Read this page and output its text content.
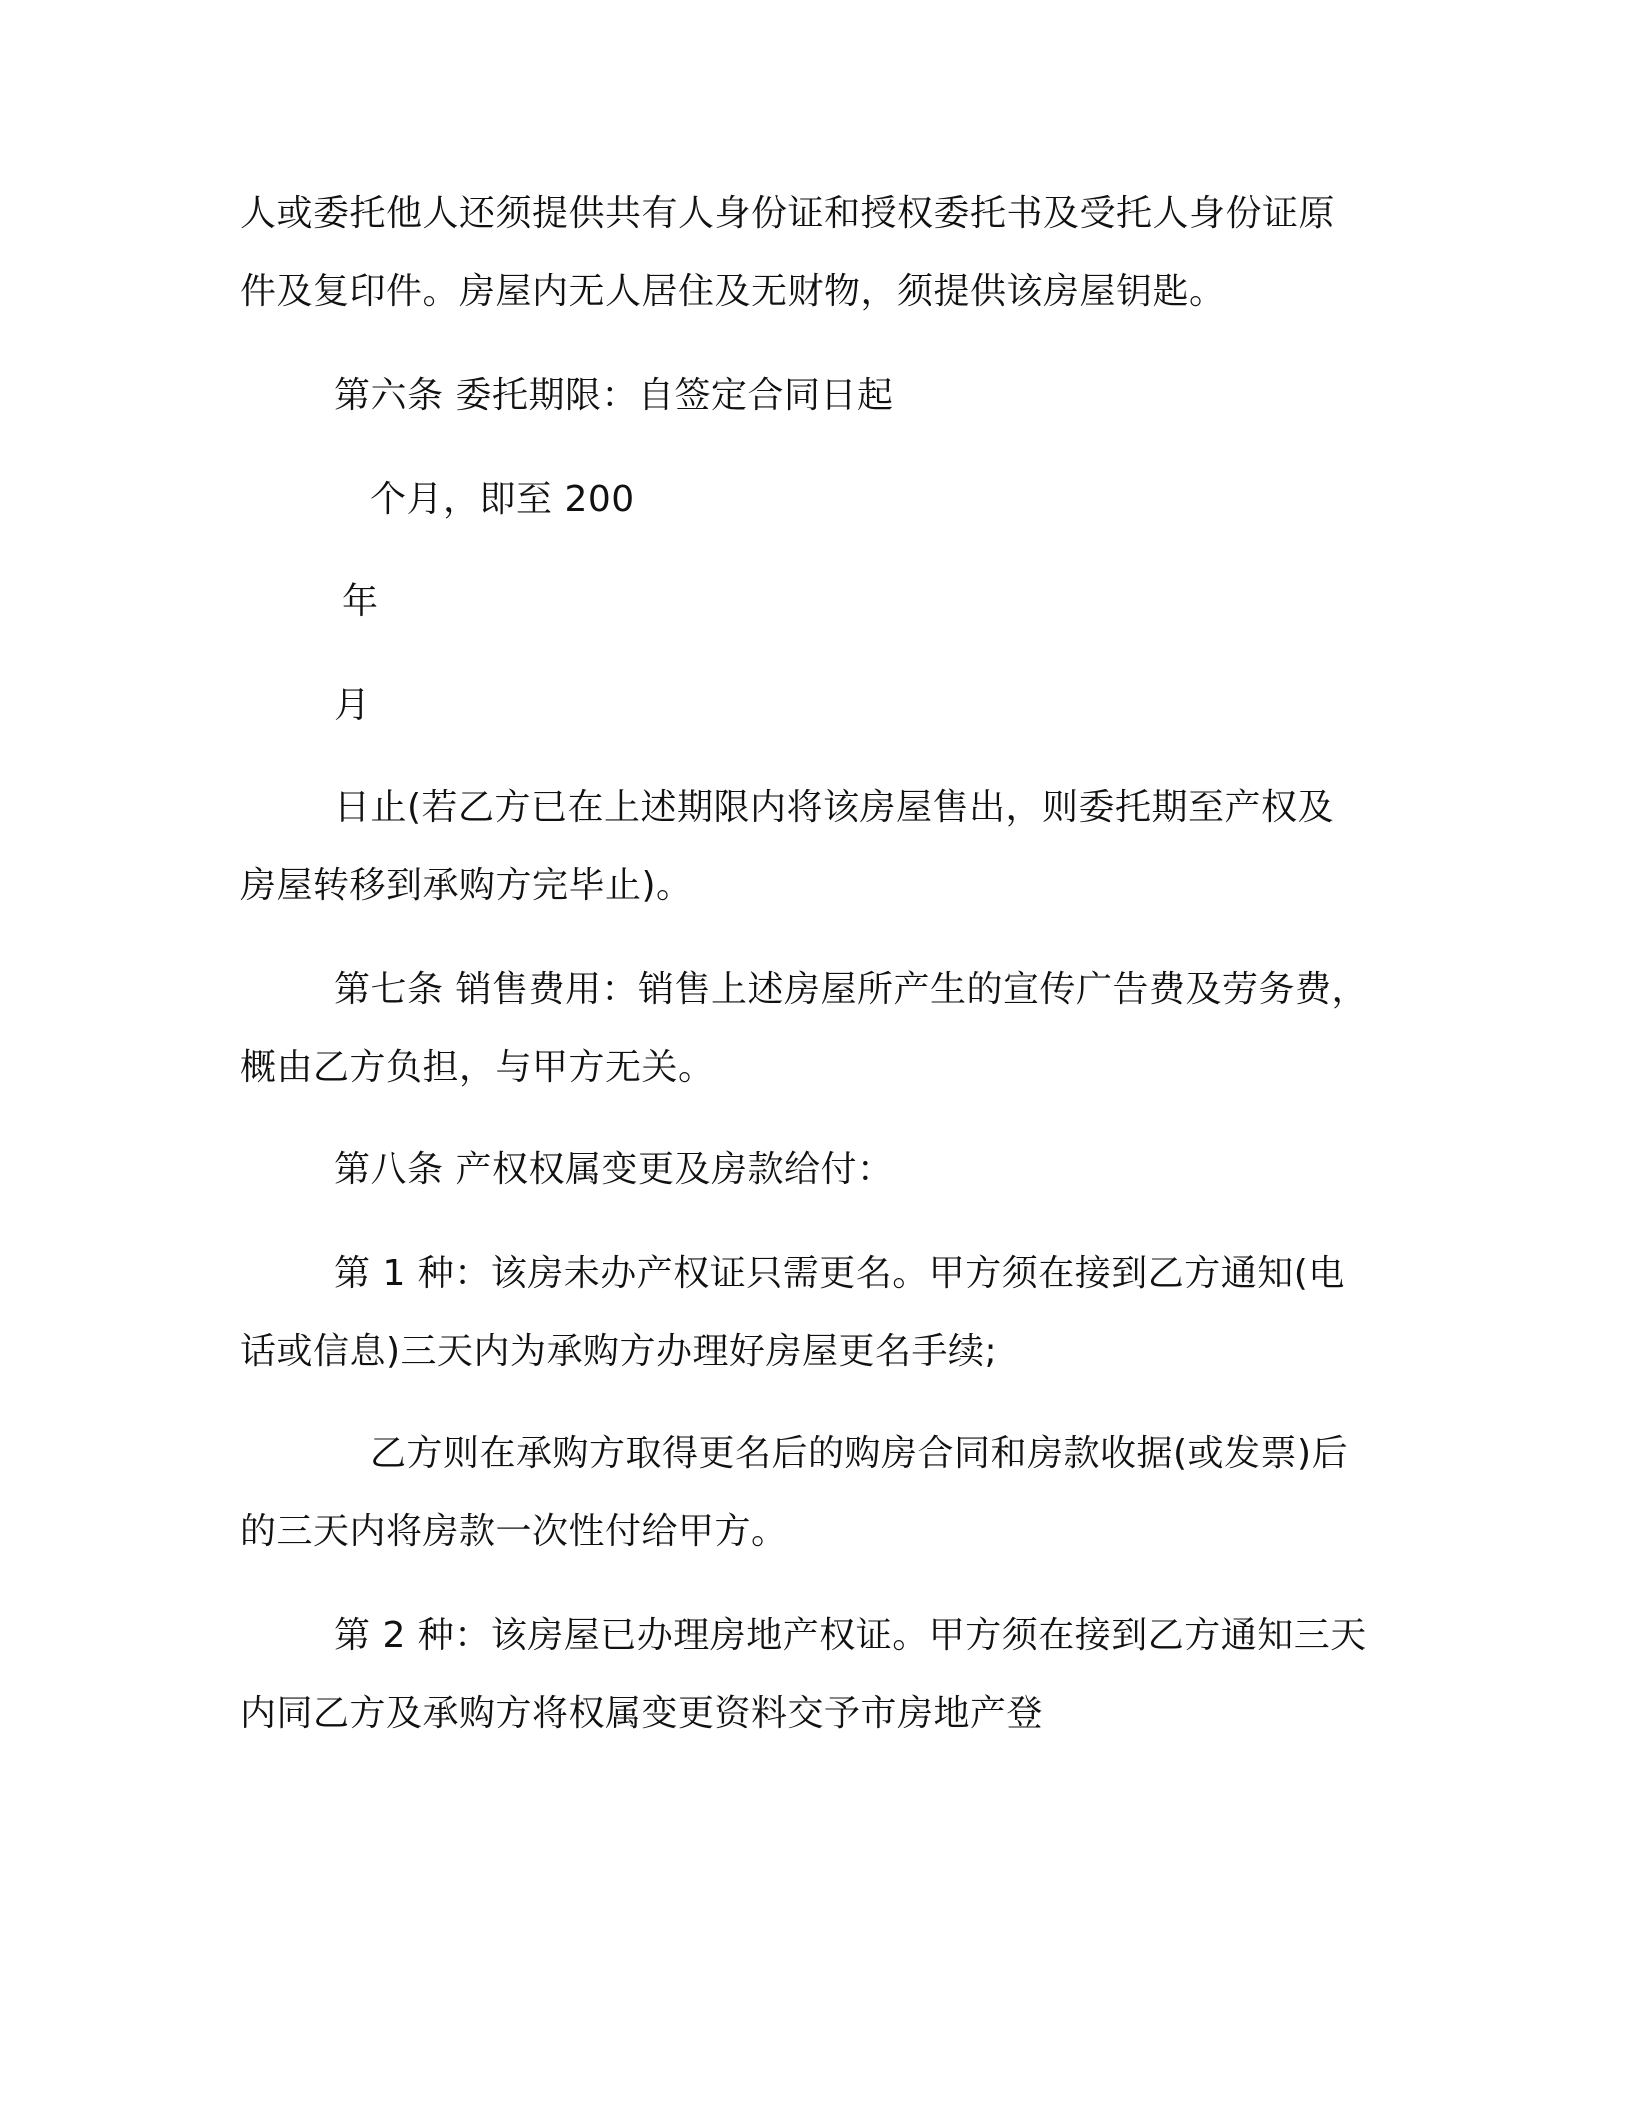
人或委托他人还须提供共有人身份证和授权委托书及受托人身份证原
件及复印件。房屋内无人居住及无财物，须提供该房屋钥匙。
第六条 委托期限：自签定合同日起
个月，即至 200
年
月
日止(若乙方已在上述期限内将该房屋售出，则委托期至产权及
房屋转移到承购方完毕止)。
第七条 销售费用：销售上述房屋所产生的宣传广告费及劳务费，
概由乙方负担，与甲方无关。
第八条 产权权属变更及房款给付：
第 1 种：该房未办产权证只需更名。甲方须在接到乙方通知(电
话或信息)三天内为承购方办理好房屋更名手续;
乙方则在承购方取得更名后的购房合同和房款收据(或发票)后
的三天内将房款一次性付给甲方。
第 2 种：该房屋已办理房地产权证。甲方须在接到乙方通知三天
内同乙方及承购方将权属变更资料交予市房地产登
